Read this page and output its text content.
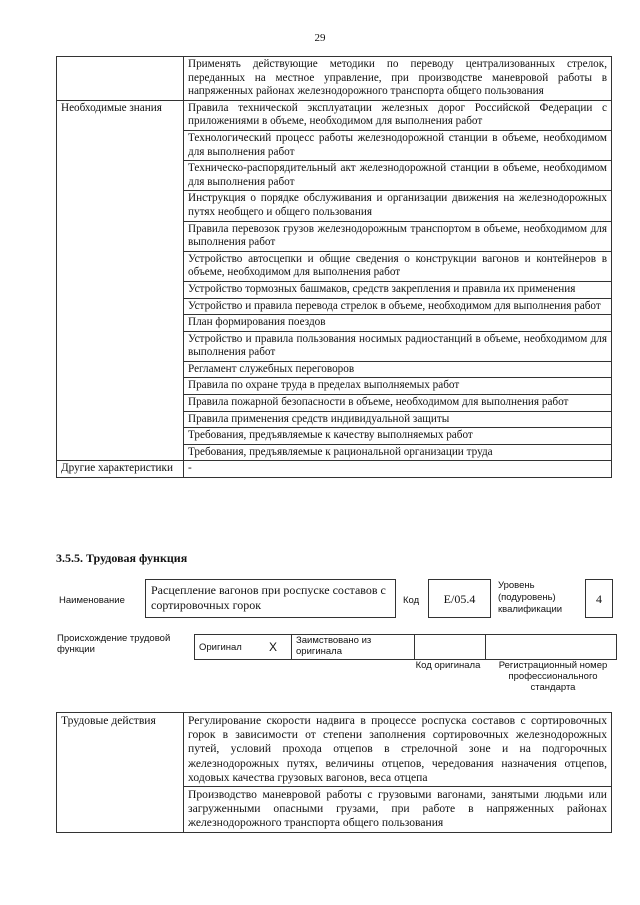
29
	Применять действующие методики по переводу централизованных стрелок, переданных на местное управление, при производстве маневровой работы в напряженных районах железнодорожного транспорта общего пользования
Необходимые знания	Правила технической эксплуатации железных дорог Российской Федерации с приложениями в объеме, необходимом для выполнения работ
	Технологический процесс работы железнодорожной станции в объеме, необходимом для выполнения работ
	Техническо-распорядительный акт железнодорожной станции в объеме, необходимом для выполнения работ
	Инструкция о порядке обслуживания и организации движения на железнодорожных путях необщего и общего пользования
	Правила перевозок грузов железнодорожным транспортом в объеме, необходимом для выполнения работ
	Устройство автосцепки и общие сведения о конструкции вагонов и контейнеров в объеме, необходимом для выполнения работ
	Устройство тормозных башмаков, средств закрепления и правила их применения
	Устройство и правила перевода стрелок в объеме, необходимом для выполнения работ
	План формирования поездов
	Устройство и правила пользования носимых радиостанций в объеме, необходимом для выполнения работ
	Регламент служебных переговоров
	Правила по охране труда в пределах выполняемых работ
	Правила пожарной безопасности в объеме, необходимом для выполнения работ
	Правила применения средств индивидуальной защиты
	Требования, предъявляемые к качеству выполняемых работ
	Требования, предъявляемые к рациональной организации труда
Другие характеристики	-
3.5.5. Трудовая функция
Наименование
Расцепление вагонов при роспуске составов с сортировочных горок	Код	Е/05.4
Уровень (подуровень) квалификации
4
Происхождение трудовой функции	Оригинал	X	Заимствовано из оригинала		
Код оригинала	Регистрационный номер профессионального стандарта
Трудовые действия	Регулирование скорости надвига в процессе роспуска составов с сортировочных горок в зависимости от степени заполнения сортировочных железнодорожных путей, условий прохода отцепов в стрелочной зоне и на подгорочных железнодорожных путях, величины отцепов, чередования назначения отцепов, ходовых качества грузовых вагонов, веса отцепа
Производство маневровой работы с грузовыми вагонами, занятыми людьми или загруженными опасными грузами, при работе в напряженных районах железнодорожного транспорта общего пользования
